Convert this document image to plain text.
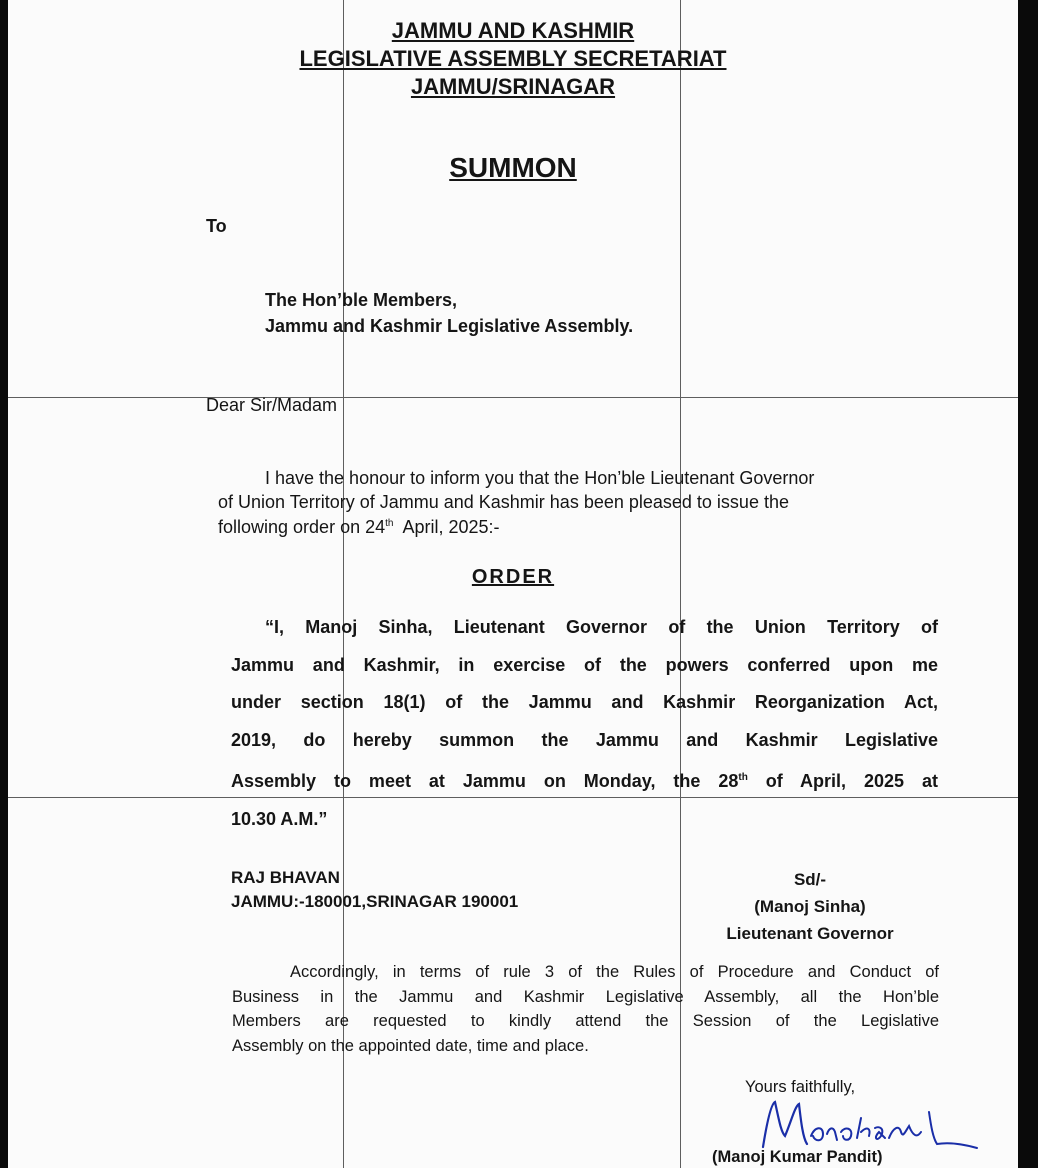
JAMMU AND KASHMIR
LEGISLATIVE ASSEMBLY SECRETARIAT
JAMMU/SRINAGAR
SUMMON
To
The Hon’ble Members,
Jammu and Kashmir Legislative Assembly.
Dear Sir/Madam
I have the honour to inform you that the Hon’ble Lieutenant Governor
of Union Territory of Jammu and Kashmir has been pleased to issue the
following order on 24th  April, 2025:-
ORDER
“I, Manoj Sinha, Lieutenant Governor of the Union Territory of
Jammu and Kashmir, in exercise of the powers conferred upon me
under section 18(1) of the Jammu and Kashmir Reorganization Act,
2019, do hereby summon the Jammu and Kashmir Legislative
Assembly to meet at Jammu on Monday, the 28th of April, 2025 at
10.30 A.M.”
RAJ BHAVAN
JAMMU:-180001,SRINAGAR 190001
Sd/-
(Manoj Sinha)
Lieutenant Governor
Accordingly, in terms of rule 3 of the Rules of Procedure and Conduct of
Business in the Jammu and Kashmir Legislative Assembly, all the Hon’ble
Members are requested to kindly attend the Session of the Legislative
Assembly on the appointed date, time and place.
Yours faithfully,
(Manoj Kumar Pandit)
